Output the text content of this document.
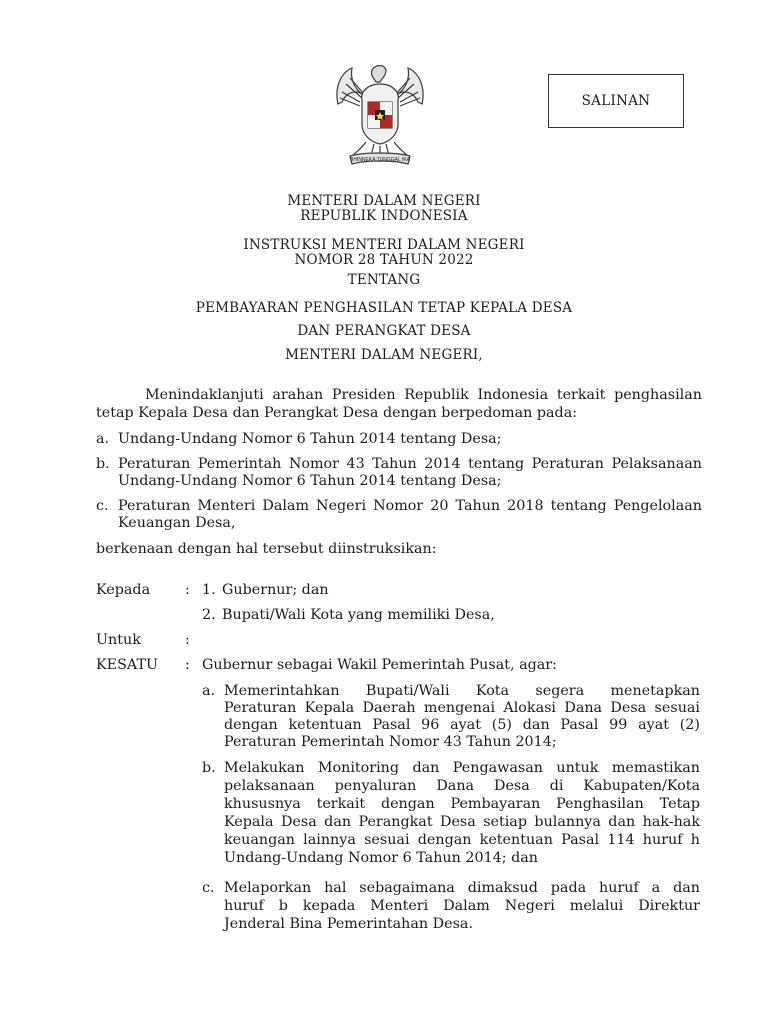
BHINNEKA TUNGGAL IKA
SALINAN
MENTERI DALAM NEGERI
REPUBLIK INDONESIA
INSTRUKSI MENTERI DALAM NEGERI
NOMOR 28 TAHUN 2022
TENTANG
PEMBAYARAN PENGHASILAN TETAP KEPALA DESA
DAN PERANGKAT DESA
MENTERI DALAM NEGERI,
Menindaklanjuti arahan Presiden Republik Indonesia terkait penghasilan
tetap Kepala Desa dan Perangkat Desa dengan berpedoman pada:
a. Undang-Undang Nomor 6 Tahun 2014 tentang Desa;
b. Peraturan Pemerintah Nomor 43 Tahun 2014 tentang Peraturan Pelaksanaan
Undang-Undang Nomor 6 Tahun 2014 tentang Desa;
c. Peraturan Menteri Dalam Negeri Nomor 20 Tahun 2018 tentang Pengelolaan
Keuangan Desa,
berkenaan dengan hal tersebut diinstruksikan:
Kepada : 1. Gubernur; dan
2. Bupati/Wali Kota yang memiliki Desa,
Untuk	:
KESATU : Gubernur sebagai Wakil Pemerintah Pusat, agar:
a. Memerintahkan Bupati/Wali Kota segera menetapkan
Peraturan Kepala Daerah mengenai Alokasi Dana Desa sesuai
dengan ketentuan Pasal 96 ayat (5) dan Pasal 99 ayat (2)
Peraturan Pemerintah Nomor 43 Tahun 2014;
b. Melakukan Monitoring dan Pengawasan untuk memastikan
pelaksanaan penyaluran Dana Desa di Kabupaten/Kota
khususnya terkait dengan Pembayaran Penghasilan Tetap
Kepala Desa dan Perangkat Desa setiap bulannya dan hak-hak
keuangan lainnya sesuai dengan ketentuan Pasal 114 huruf h
Undang-Undang Nomor 6 Tahun 2014; dan
c. Melaporkan hal sebagaimana dimaksud pada huruf a dan
huruf b kepada Menteri Dalam Negeri melalui Direktur
Jenderal Bina Pemerintahan Desa.
